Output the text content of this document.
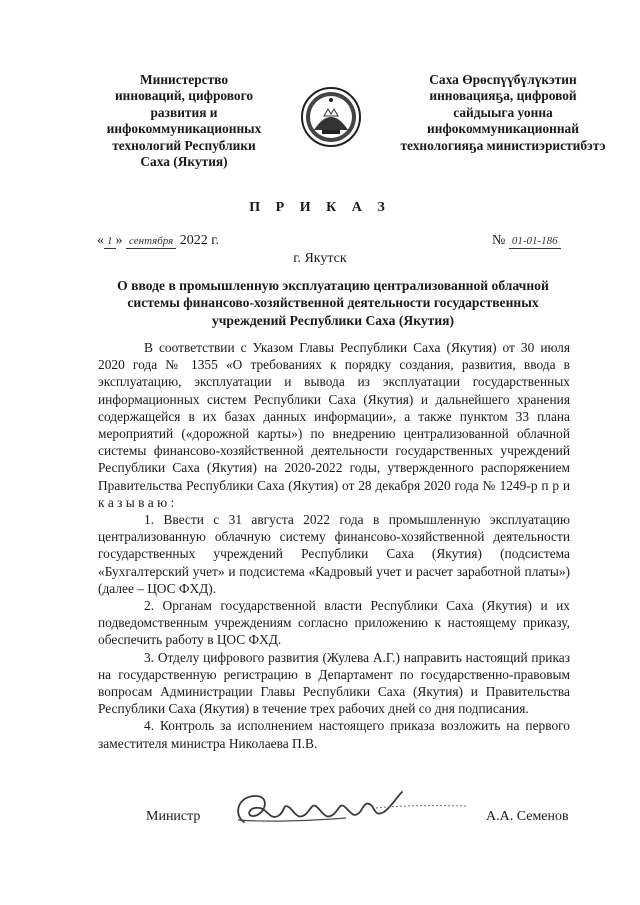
Министерство
инноваций, цифрового
развития и
инфокоммуникационных
технологий Республики
Саха (Якутия)
Саха Өрөспүүбүлүкэтин
инновацияҕа, цифровой
сайдыыга уонна
инфокоммуникационнай
технологияҕа министиэристибэтэ
П Р И К А З
« 1 » сентября 2022 г.	№ 01-01-186
г. Якутск
О вводе в промышленную эксплуатацию централизованной облачной
системы финансово-хозяйственной деятельности государственных
учреждений Республики Саха (Якутия)

В соответствии с Указом Главы Республики Саха (Якутия) от 30 июля 2020 года № 1355 «О требованиях к порядку создания, развития, ввода в эксплуатацию, эксплуатации и вывода из эксплуатации государственных информационных систем Республики Саха (Якутия) и дальнейшего хранения содержащейся в их базах данных информации», а также пунктом 33 плана мероприятий («дорожной карты») по внедрению централизованной облачной системы финансово-хозяйственной деятельности государственных учреждений Республики Саха (Якутия) на 2020-2022 годы, утвержденного распоряжением Правительства Республики Саха (Якутия) от 28 декабря 2020 года № 1249-р п р и к а з ы в а ю :

1. Ввести с 31 августа 2022 года в промышленную эксплуатацию централизованную облачную систему финансово-хозяйственной деятельности государственных учреждений Республики Саха (Якутия) (подсистема «Бухгалтерский учет» и подсистема «Кадровый учет и расчет заработной платы») (далее – ЦОС ФХД).

2. Органам государственной власти Республики Саха (Якутия) и их подведомственным учреждениям согласно приложению к настоящему приказу, обеспечить работу в ЦОС ФХД.

3. Отделу цифрового развития (Жулева А.Г.) направить настоящий приказ на государственную регистрацию в Департамент по государственно-правовым вопросам Администрации Главы Республики Саха (Якутия) и Правительства Республики Саха (Якутия) в течение трех рабочих дней со дня подписания.

4. Контроль за исполнением настоящего приказа возложить на первого заместителя министра Николаева П.В.

Министр	А.А. Семенов
